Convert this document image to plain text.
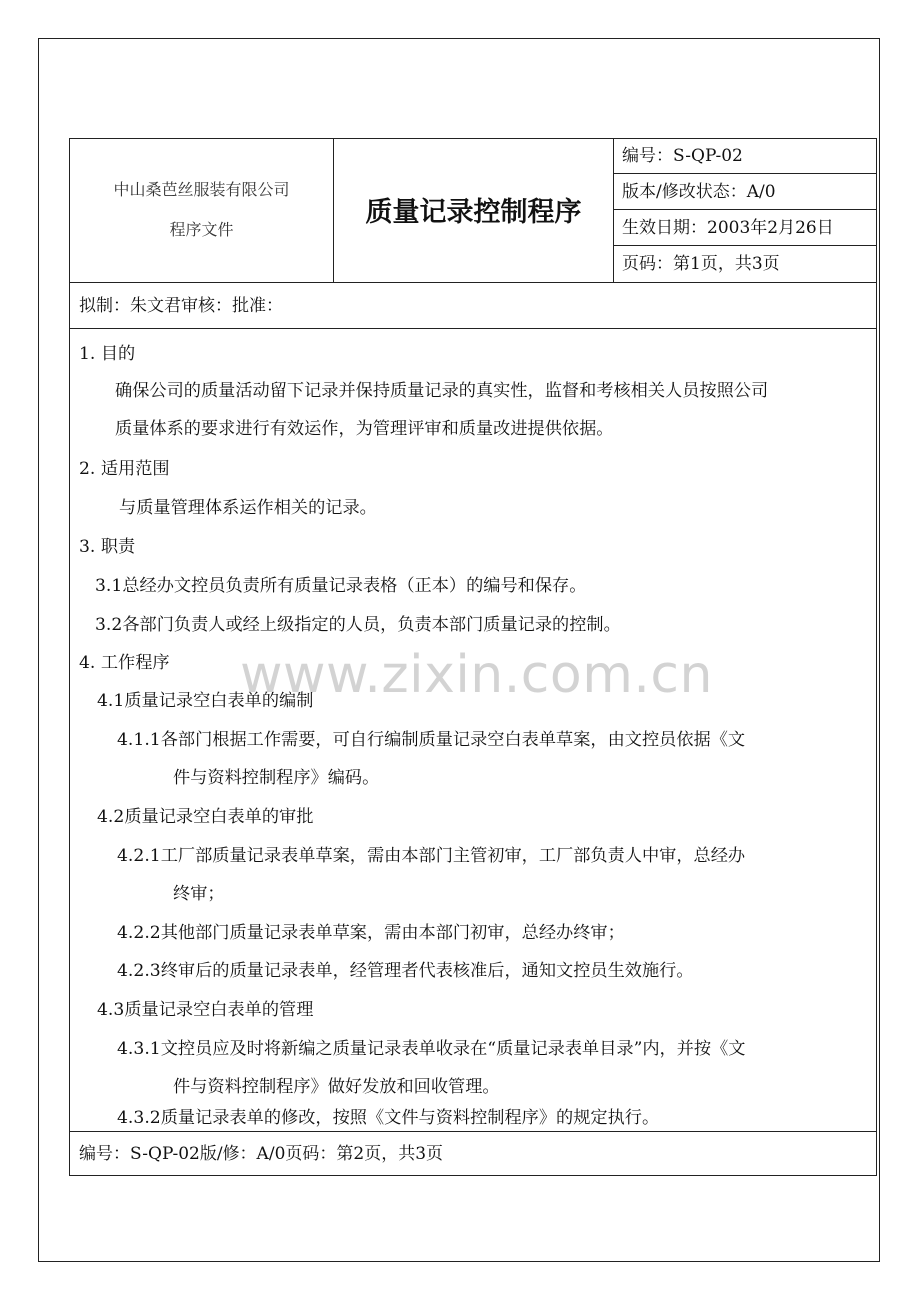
中山桑芭丝服装有限公司
程序文件
质量记录控制程序
编号：S-QP-02
版本/修改状态：A/0
生效日期：2003年2月26日
页码：第1页，共3页
拟制：朱文君审核：批准：
1. 目的
确保公司的质量活动留下记录并保持质量记录的真实性，监督和考核相关人员按照公司
质量体系的要求进行有效运作，为管理评审和质量改进提供依据。
2. 适用范围
与质量管理体系运作相关的记录。
3. 职责
3.1总经办文控员负责所有质量记录表格（正本）的编号和保存。
3.2各部门负责人或经上级指定的人员，负责本部门质量记录的控制。
4. 工作程序
4.1质量记录空白表单的编制
4.1.1各部门根据工作需要，可自行编制质量记录空白表单草案，由文控员依据《文
件与资料控制程序》编码。
4.2质量记录空白表单的审批
4.2.1工厂部质量记录表单草案，需由本部门主管初审，工厂部负责人中审，总经办
终审；
4.2.2其他部门质量记录表单草案，需由本部门初审，总经办终审；
4.2.3终审后的质量记录表单，经管理者代表核准后，通知文控员生效施行。
4.3质量记录空白表单的管理
4.3.1文控员应及时将新编之质量记录表单收录在“质量记录表单目录”内，并按《文
件与资料控制程序》做好发放和回收管理。
4.3.2质量记录表单的修改，按照《文件与资料控制程序》的规定执行。
编号：S-QP-02版/修：A/0页码：第2页，共3页
www.zixin.com.cn
